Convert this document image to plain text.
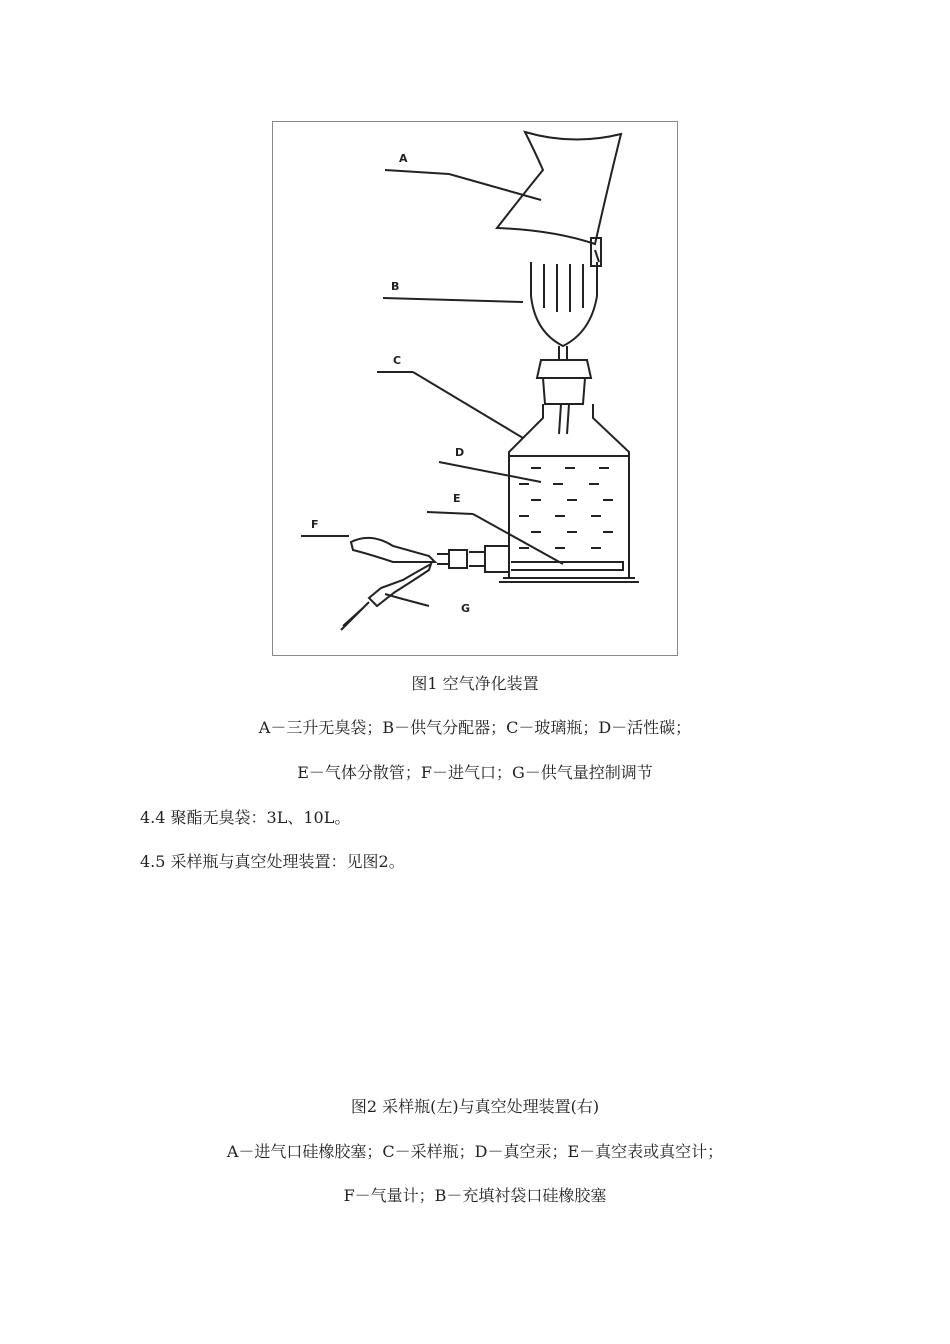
A
B
C
D
E
F
G
图1 空气净化装置
A－三升无臭袋；B－供气分配器；C－玻璃瓶；D－活性碳；
E－气体分散管；F－进气口；G－供气量控制调节
4.4 聚酯无臭袋：3L、10L。
4.5 采样瓶与真空处理装置：见图2。
图2 采样瓶(左)与真空处理装置(右)
A－进气口硅橡胶塞；C－采样瓶；D－真空汞；E－真空表或真空计；
F－气量计；B－充填衬袋口硅橡胶塞
